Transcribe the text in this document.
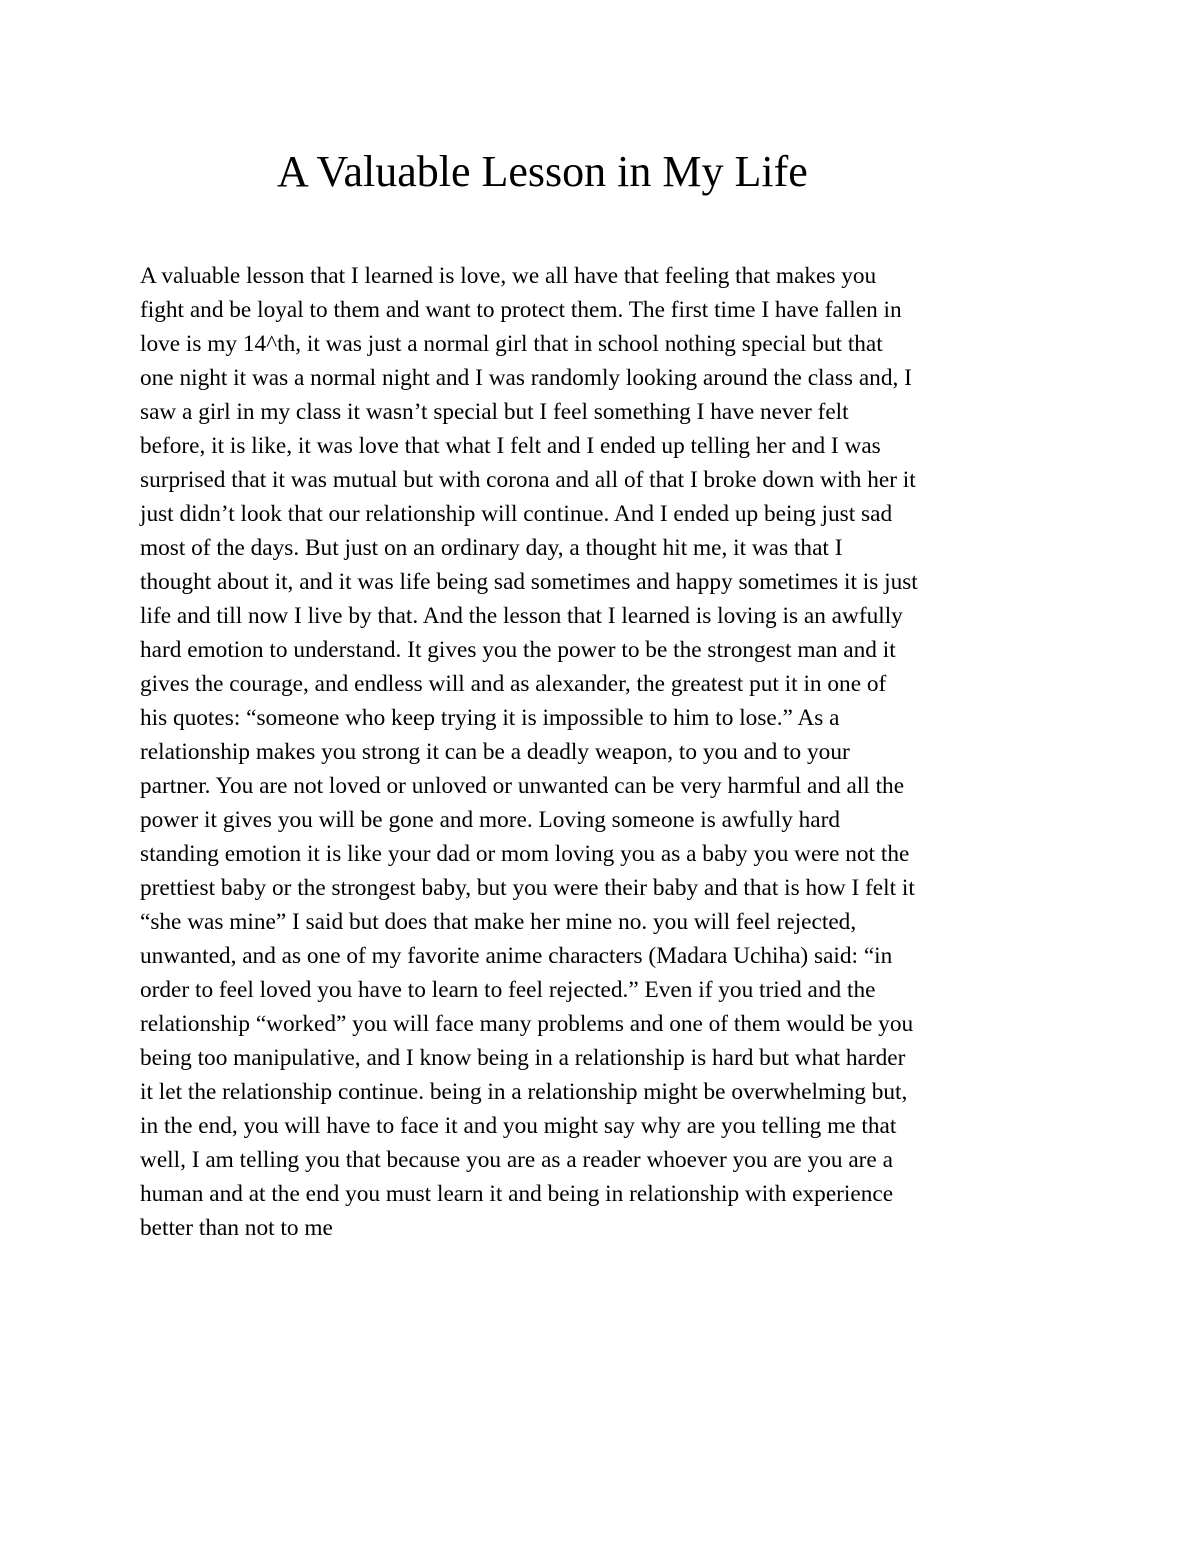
A Valuable Lesson in My Life
A valuable lesson that I learned is love, we all have that feeling that makes you
fight and be loyal to them and want to protect them. The first time I have fallen in
love is my 14^th, it was just a normal girl that in school nothing special but that
one night it was a normal night and I was randomly looking around the class and, I
saw a girl in my class it wasn’t special but I feel something I have never felt
before, it is like, it was love that what I felt and I ended up telling her and I was
surprised that it was mutual but with corona and all of that I broke down with her it
just didn’t look that our relationship will continue. And I ended up being just sad
most of the days. But just on an ordinary day, a thought hit me, it was that I
thought about it, and it was life being sad sometimes and happy sometimes it is just
life and till now I live by that. And the lesson that I learned is loving is an awfully
hard emotion to understand. It gives you the power to be the strongest man and it
gives the courage, and endless will and as alexander, the greatest put it in one of
his quotes: “someone who keep trying it is impossible to him to lose.” As a
relationship makes you strong it can be a deadly weapon, to you and to your
partner. You are not loved or unloved or unwanted can be very harmful and all the
power it gives you will be gone and more. Loving someone is awfully hard
standing emotion it is like your dad or mom loving you as a baby you were not the
prettiest baby or the strongest baby, but you were their baby and that is how I felt it
“she was mine” I said but does that make her mine no. you will feel rejected,
unwanted, and as one of my favorite anime characters (Madara Uchiha) said: “in
order to feel loved you have to learn to feel rejected.” Even if you tried and the
relationship “worked” you will face many problems and one of them would be you
being too manipulative, and I know being in a relationship is hard but what harder
it let the relationship continue. being in a relationship might be overwhelming but,
in the end, you will have to face it and you might say why are you telling me that
well, I am telling you that because you are as a reader whoever you are you are a
human and at the end you must learn it and being in relationship with experience
better than not to me
